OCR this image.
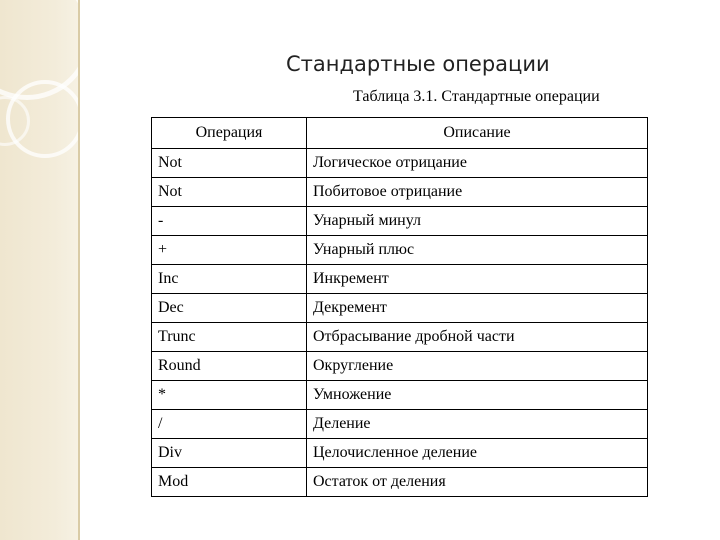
Стандартные операции
Таблица 3.1. Стандартные операции
Операция	Описание
Not	Логическое отрицание
Not	Побитовое отрицание
-	Унарный минул
+	Унарный плюс
Inc	Инкремент
Dec	Декремент
Trunc	Отбрасывание дробной части
Round	Округление
*	Умножение
/	Деление
Div	Целочисленное деление
Mod	Остаток от деления
